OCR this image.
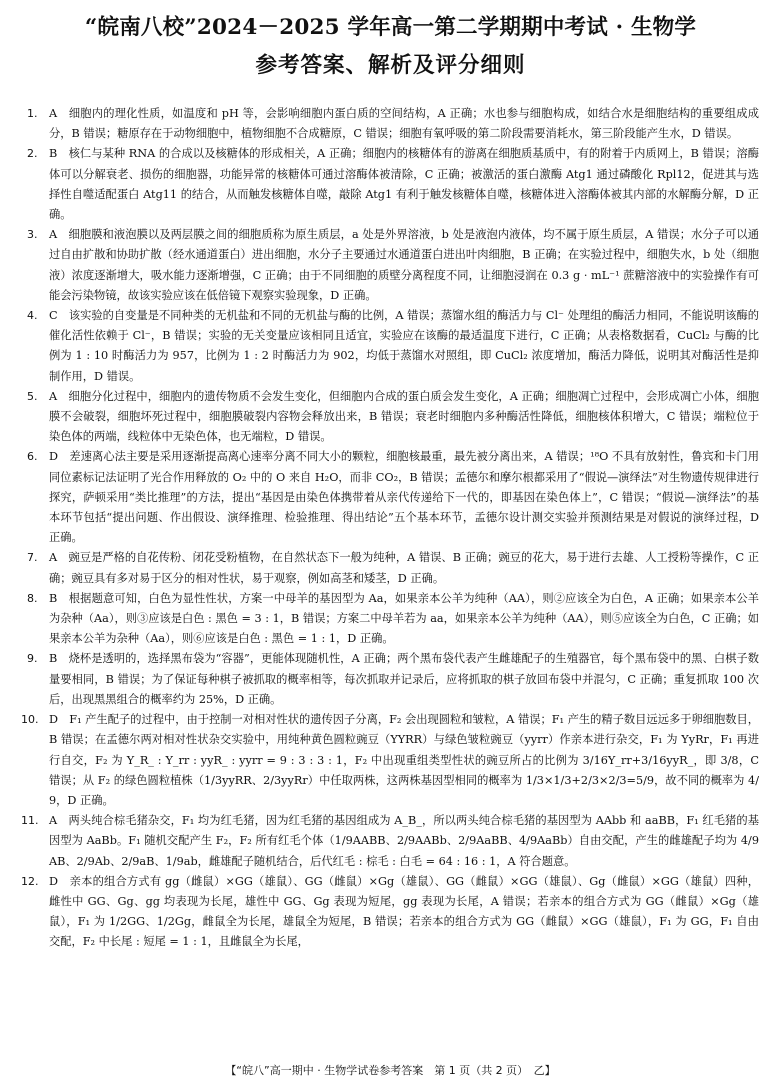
“皖南八校”2024－2025 学年高一第二学期期中考试 · 生物学
参考答案、解析及评分细则

1. A　细胞内的理化性质，如温度和 pH 等，会影响细胞内蛋白质的空间结构，A 正确；水也参与细胞构成，如结合水是细胞结构的重要组成成分，B 错误；糖原存在于动物细胞中，植物细胞不合成糖原，C 错误；细胞有氧呼吸的第二阶段需要消耗水，第三阶段能产生水，D 错误。

2. B　核仁与某种 RNA 的合成以及核糖体的形成相关，A 正确；细胞内的核糖体有的游离在细胞质基质中，有的附着于内质网上，B 错误；溶酶体可以分解衰老、损伤的细胞器，功能异常的核糖体可通过溶酶体被清除，C 正确；被激活的蛋白激酶 Atg1 通过磷酸化 Rpl12，促进其与选择性自噬适配蛋白 Atg11 的结合，从而触发核糖体自噬，敲除 Atg1 有利于触发核糖体自噬，核糖体进入溶酶体被其内部的水解酶分解，D 正确。

3. A　细胞膜和液泡膜以及两层膜之间的细胞质称为原生质层，a 处是外界溶液，b 处是液泡内液体，均不属于原生质层，A 错误；水分子可以通过自由扩散和协助扩散（经水通道蛋白）进出细胞，水分子主要通过水通道蛋白进出叶肉细胞，B 正确；在实验过程中，细胞失水，b 处（细胞液）浓度逐渐增大，吸水能力逐渐增强，C 正确；由于不同细胞的质壁分离程度不同，让细胞浸润在 0.3 g · mL⁻¹ 蔗糖溶液中的实验操作有可能会污染物镜，故该实验应该在低倍镜下观察实验现象，D 正确。

4. C　该实验的自变量是不同种类的无机盐和不同的无机盐与酶的比例，A 错误；蒸馏水组的酶活力与 Cl⁻ 处理组的酶活力相同，不能说明该酶的催化活性依赖于 Cl⁻，B 错误；实验的无关变量应该相同且适宜，实验应在该酶的最适温度下进行，C 正确；从表格数据看，CuCl₂ 与酶的比例为 1 : 10 时酶活力为 957，比例为 1 : 2 时酶活力为 902，均低于蒸馏水对照组，即 CuCl₂ 浓度增加，酶活力降低，说明其对酶活性是抑制作用，D 错误。

5. A　细胞分化过程中，细胞内的遗传物质不会发生变化，但细胞内合成的蛋白质会发生变化，A 正确；细胞凋亡过程中，会形成凋亡小体，细胞膜不会破裂，细胞坏死过程中，细胞膜破裂内容物会释放出来，B 错误；衰老时细胞内多种酶活性降低，细胞核体积增大，C 错误；端粒位于染色体的两端，线粒体中无染色体，也无端粒，D 错误。

6. D　差速离心法主要是采用逐渐提高离心速率分离不同大小的颗粒，细胞核最重，最先被分离出来，A 错误；¹⁸O 不具有放射性，鲁宾和卡门用同位素标记法证明了光合作用释放的 O₂ 中的 O 来自 H₂O，而非 CO₂，B 错误；孟德尔和摩尔根都采用了“假说—演绎法”对生物遗传规律进行探究，萨顿采用“类比推理”的方法，提出“基因是由染色体携带着从亲代传递给下一代的，即基因在染色体上”，C 错误；“假说—演绎法”的基本环节包括“提出问题、作出假设、演绎推理、检验推理、得出结论”五个基本环节，孟德尔设计测交实验并预测结果是对假说的演绎过程，D 正确。

7. A　豌豆是严格的自花传粉、闭花受粉植物，在自然状态下一般为纯种，A 错误、B 正确；豌豆的花大，易于进行去雄、人工授粉等操作，C 正确；豌豆具有多对易于区分的相对性状，易于观察，例如高茎和矮茎，D 正确。

8. B　根据题意可知，白色为显性性状，方案一中母羊的基因型为 Aa，如果亲本公羊为纯种（AA），则②应该全为白色，A 正确；如果亲本公羊为杂种（Aa），则③应该是白色 : 黑色 = 3 : 1，B 错误；方案二中母羊若为 aa，如果亲本公羊为纯种（AA），则⑤应该全为白色，C 正确；如果亲本公羊为杂种（Aa），则⑥应该是白色 : 黑色 = 1 : 1，D 正确。

9. B　烧杯是透明的，选择黑布袋为“容器”，更能体现随机性，A 正确；两个黑布袋代表产生雌雄配子的生殖器官，每个黑布袋中的黑、白棋子数量要相同，B 错误；为了保证每种棋子被抓取的概率相等，每次抓取并记录后，应将抓取的棋子放回布袋中并混匀，C 正确；重复抓取 100 次后，出现黑黑组合的概率约为 25%，D 正确。

10. D　F₁ 产生配子的过程中，由于控制一对相对性状的遗传因子分离，F₂ 会出现圆粒和皱粒，A 错误；F₁ 产生的精子数目远远多于卵细胞数目，B 错误；在孟德尔两对相对性状杂交实验中，用纯种黄色圆粒豌豆（YYRR）与绿色皱粒豌豆（yyrr）作亲本进行杂交，F₁ 为 YyRr，F₁ 再进行自交，F₂ 为 Y_R_ : Y_rr : yyR_ : yyrr = 9 : 3 : 3 : 1，F₂ 中出现重组类型性状的豌豆所占的比例为 3/16Y_rr+3/16yyR_，即 3/8，C 错误；从 F₂ 的绿色圆粒植株（1/3yyRR、2/3yyRr）中任取两株，这两株基因型相同的概率为 1/3×1/3+2/3×2/3=5/9，故不同的概率为 4/9，D 正确。

11. A　两头纯合棕毛猪杂交，F₁ 均为红毛猪，因为红毛猪的基因组成为 A_B_，所以两头纯合棕毛猪的基因型为 AAbb 和 aaBB，F₁ 红毛猪的基因型为 AaBb。F₁ 随机交配产生 F₂，F₂ 所有红毛个体（1/9AABB、2/9AABb、2/9AaBB、4/9AaBb）自由交配，产生的雌雄配子均为 4/9AB、2/9Ab、2/9aB、1/9ab，雌雄配子随机结合，后代红毛 : 棕毛 : 白毛 = 64 : 16 : 1，A 符合题意。

12. D　亲本的组合方式有 gg（雌鼠）×GG（雄鼠）、GG（雌鼠）×Gg（雄鼠）、GG（雌鼠）×GG（雄鼠）、Gg（雌鼠）×GG（雄鼠）四种，雌性中 GG、Gg、gg 均表现为长尾，雄性中 GG、Gg 表现为短尾，gg 表现为长尾，A 错误；若亲本的组合方式为 GG（雌鼠）×Gg（雄鼠），F₁ 为 1/2GG、1/2Gg，雌鼠全为长尾，雄鼠全为短尾，B 错误；若亲本的组合方式为 GG（雌鼠）×GG（雄鼠），F₁ 为 GG，F₁ 自由交配，F₂ 中长尾 : 短尾 = 1 : 1，且雌鼠全为长尾，

【“皖八”高一期中 · 生物学试卷参考答案　第 1 页（共 2 页）　乙】
